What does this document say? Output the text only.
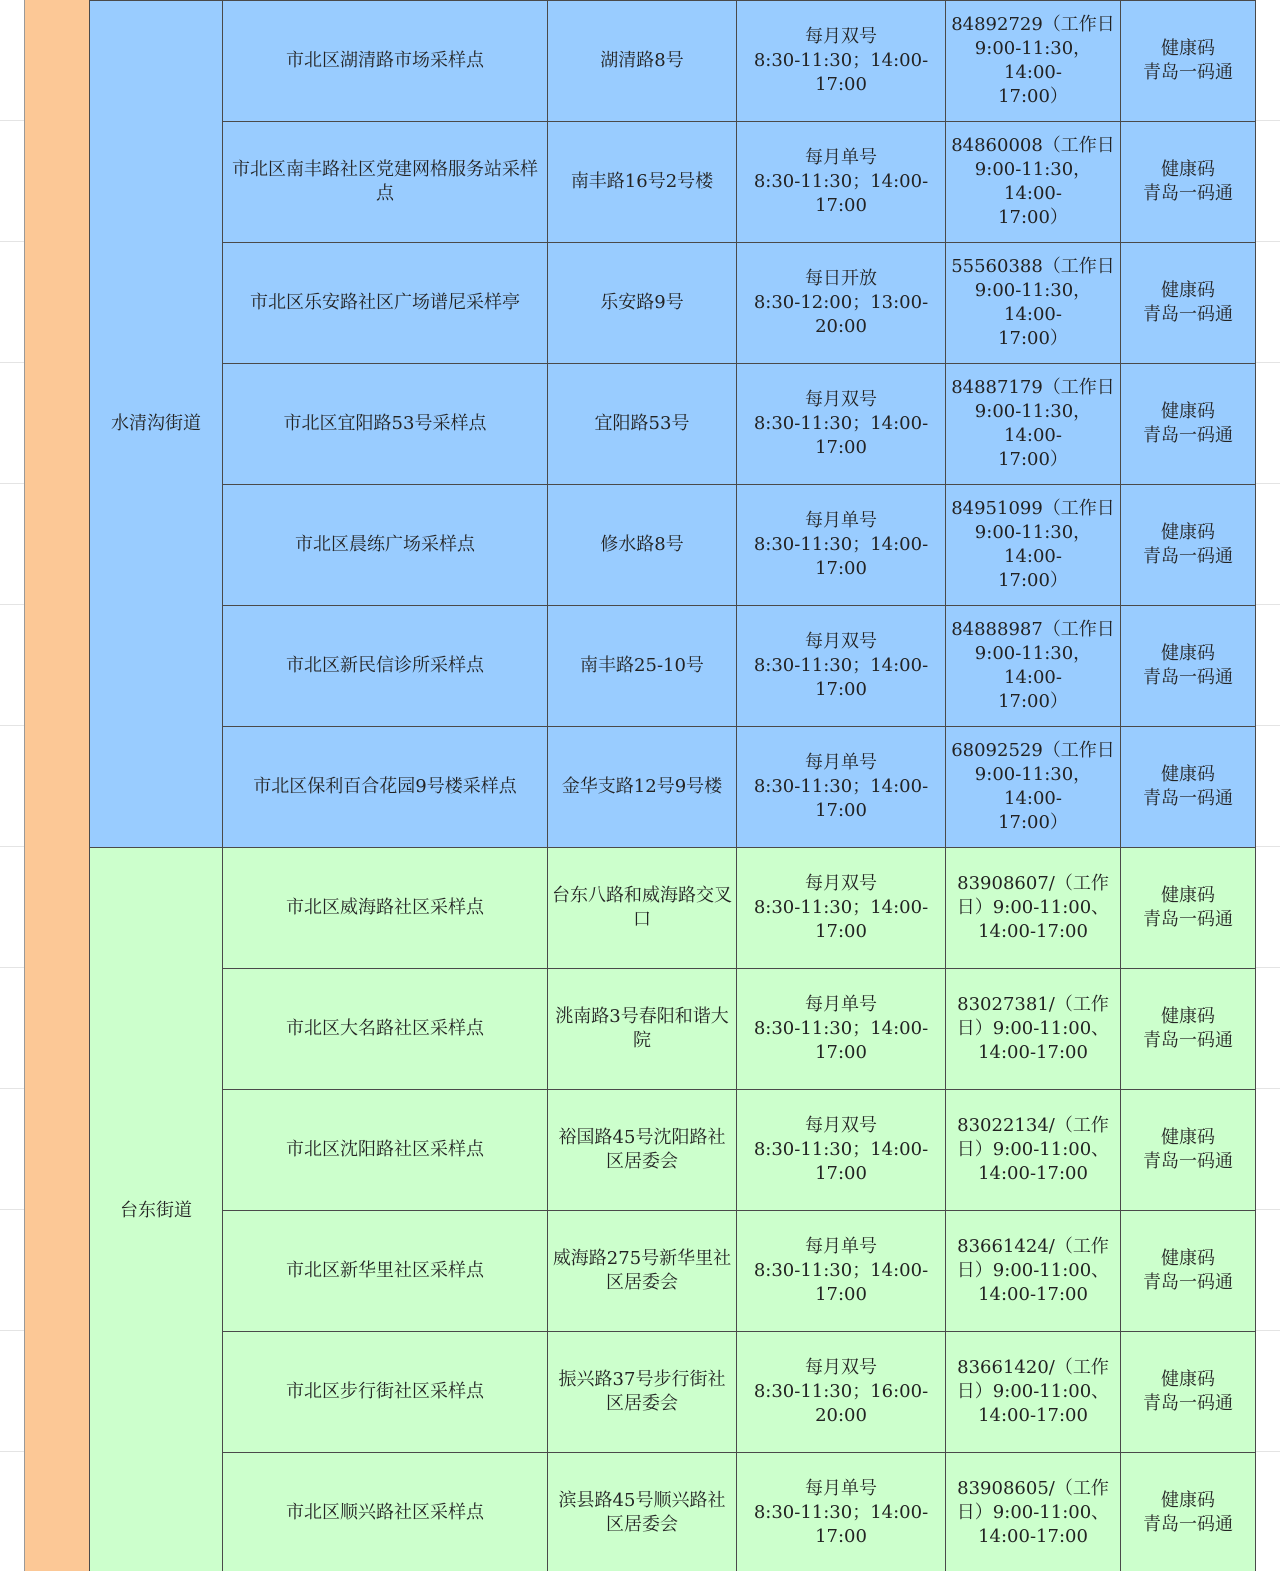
水清沟街道	市北区湖清路市场采样点	湖清路8号	每月双号
8:30-11:30；14:00-
17:00	84892729（工作日
9:00-11:30，14:00-
17:00）	健康码
青岛一码通

	市北区南丰路社区党建网格服务站采样点	南丰路16号2号楼	每月单号
8:30-11:30；14:00-
17:00	84860008（工作日
9:00-11:30，14:00-
17:00）	健康码
青岛一码通

	市北区乐安路社区广场谱尼采样亭	乐安路9号	每日开放
8:30-12:00；13:00-
20:00	55560388（工作日
9:00-11:30，14:00-
17:00）	健康码
青岛一码通

	市北区宜阳路53号采样点	宜阳路53号	每月双号
8:30-11:30；14:00-
17:00	84887179（工作日
9:00-11:30，14:00-
17:00）	健康码
青岛一码通

	市北区晨练广场采样点	修水路8号	每月单号
8:30-11:30；14:00-
17:00	84951099（工作日
9:00-11:30，14:00-
17:00）	健康码
青岛一码通

	市北区新民信诊所采样点	南丰路25-10号	每月双号
8:30-11:30；14:00-
17:00	84888987（工作日
9:00-11:30，14:00-
17:00）	健康码
青岛一码通

	市北区保利百合花园9号楼采样点	金华支路12号9号楼	每月单号
8:30-11:30；14:00-
17:00	68092529（工作日
9:00-11:30，14:00-
17:00）	健康码
青岛一码通

台东街道	市北区威海路社区采样点	台东八路和威海路交叉口	每月双号
8:30-11:30；14:00-
17:00	83908607/（工作
日）9:00-11:00、
14:00-17:00	健康码
青岛一码通

	市北区大名路社区采样点	洮南路3号春阳和谐大院	每月单号
8:30-11:30；14:00-
17:00	83027381/（工作
日）9:00-11:00、
14:00-17:00	健康码
青岛一码通

	市北区沈阳路社区采样点	裕国路45号沈阳路社区居委会	每月双号
8:30-11:30；14:00-
17:00	83022134/（工作
日）9:00-11:00、
14:00-17:00	健康码
青岛一码通

	市北区新华里社区采样点	威海路275号新华里社区居委会	每月单号
8:30-11:30；14:00-
17:00	83661424/（工作
日）9:00-11:00、
14:00-17:00	健康码
青岛一码通

	市北区步行街社区采样点	振兴路37号步行街社区居委会	每月双号
8:30-11:30；16:00-
20:00	83661420/（工作
日）9:00-11:00、
14:00-17:00	健康码
青岛一码通

	市北区顺兴路社区采样点	滨县路45号顺兴路社区居委会	每月单号
8:30-11:30；14:00-
17:00	83908605/（工作
日）9:00-11:00、
14:00-17:00	健康码
青岛一码通
